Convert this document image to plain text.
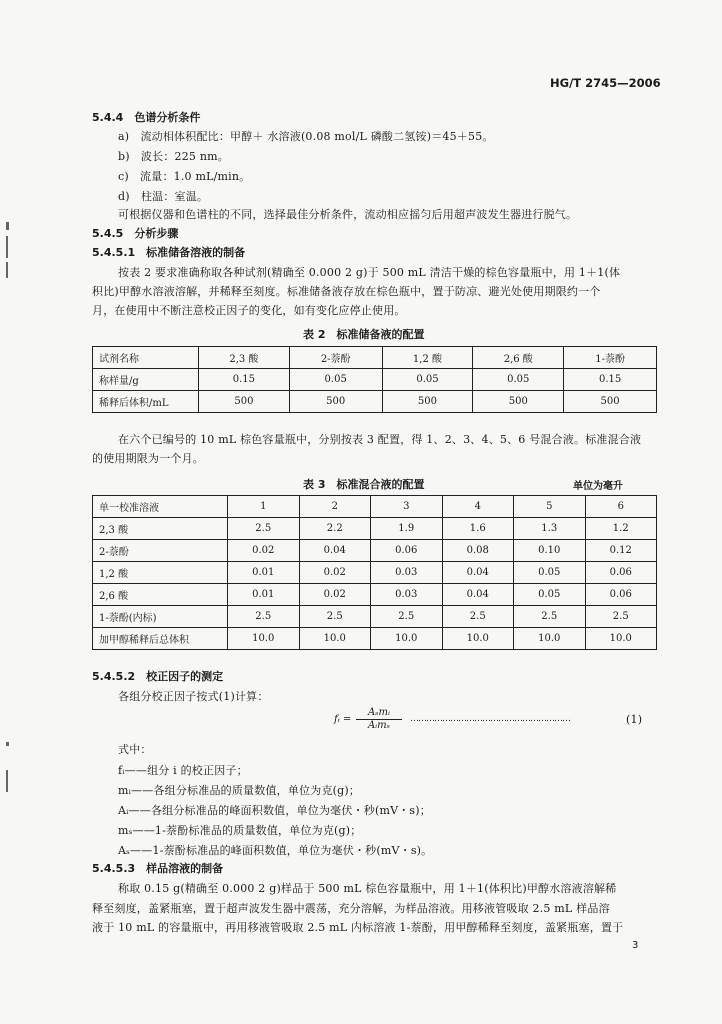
HG/T 2745—2006
5.4.4　色谱分析条件
a)　流动相体积配比：甲醇＋ 水溶液(0.08 mol/L 磷酸二氢铵)＝45＋55。
b)　波长：225 nm。
c)　流量：1.0 mL/min。
d)　柱温：室温。
可根据仪器和色谱柱的不同，选择最佳分析条件，流动相应摇匀后用超声波发生器进行脱气。
5.4.5　分析步骤
5.4.5.1　标准储备溶液的制备
按表 2 要求准确称取各种试剂(精确至 0.000 2 g)于 500 mL 清洁干燥的棕色容量瓶中，用 1＋1(体
积比)甲醇水溶液溶解，并稀释至刻度。标准储备液存放在棕色瓶中，置于防凉、避光处使用期限约一个
月，在使用中不断注意校正因子的变化，如有变化应停止使用。
表 2　标准储备液的配置
试剂名称	2,3 酸	2-萘酚	1,2 酸	2,6 酸	1-萘酚
称样量/g	0.15	0.05	0.05	0.05	0.15
稀释后体积/mL	500	500	500	500	500
在六个已编号的 10 mL 棕色容量瓶中，分别按表 3 配置，得 1、2、3、4、5、6 号混合液。标准混合液
的使用期限为一个月。
表 3　标准混合液的配置	单位为毫升
单一校准溶液	1	2	3	4	5	6
2,3 酸	2.5	2.2	1.9	1.6	1.3	1.2
2-萘酚	0.02	0.04	0.06	0.08	0.10	0.12
1,2 酸	0.01	0.02	0.03	0.04	0.05	0.06
2,6 酸	0.01	0.02	0.03	0.04	0.05	0.06
1-萘酚(内标)	2.5	2.5	2.5	2.5	2.5	2.5
加甲醇稀释后总体积	10.0	10.0	10.0	10.0	10.0	10.0
5.4.5.2　校正因子的测定
各组分校正因子按式(1)计算：
fᵢ =
Aₛmᵢ
Aᵢmₛ
……………………………………………………	(1)
式中：
fᵢ——组分 i 的校正因子；
mᵢ——各组分标准品的质量数值，单位为克(g)；
Aᵢ——各组分标准品的峰面积数值，单位为毫伏・秒(mV・s)；
mₛ——1-萘酚标准品的质量数值，单位为克(g)；
Aₛ——1-萘酚标准品的峰面积数值，单位为毫伏・秒(mV・s)。
5.4.5.3　样品溶液的制备
称取 0.15 g(精确至 0.000 2 g)样品于 500 mL 棕色容量瓶中，用 1＋1(体积比)甲醇水溶液溶解稀
释至刻度，盖紧瓶塞，置于超声波发生器中震荡，充分溶解，为样品溶液。用移液管吸取 2.5 mL 样品溶
液于 10 mL 的容量瓶中，再用移液管吸取 2.5 mL 内标溶液 1-萘酚，用甲醇稀释至刻度，盖紧瓶塞，置于
3
